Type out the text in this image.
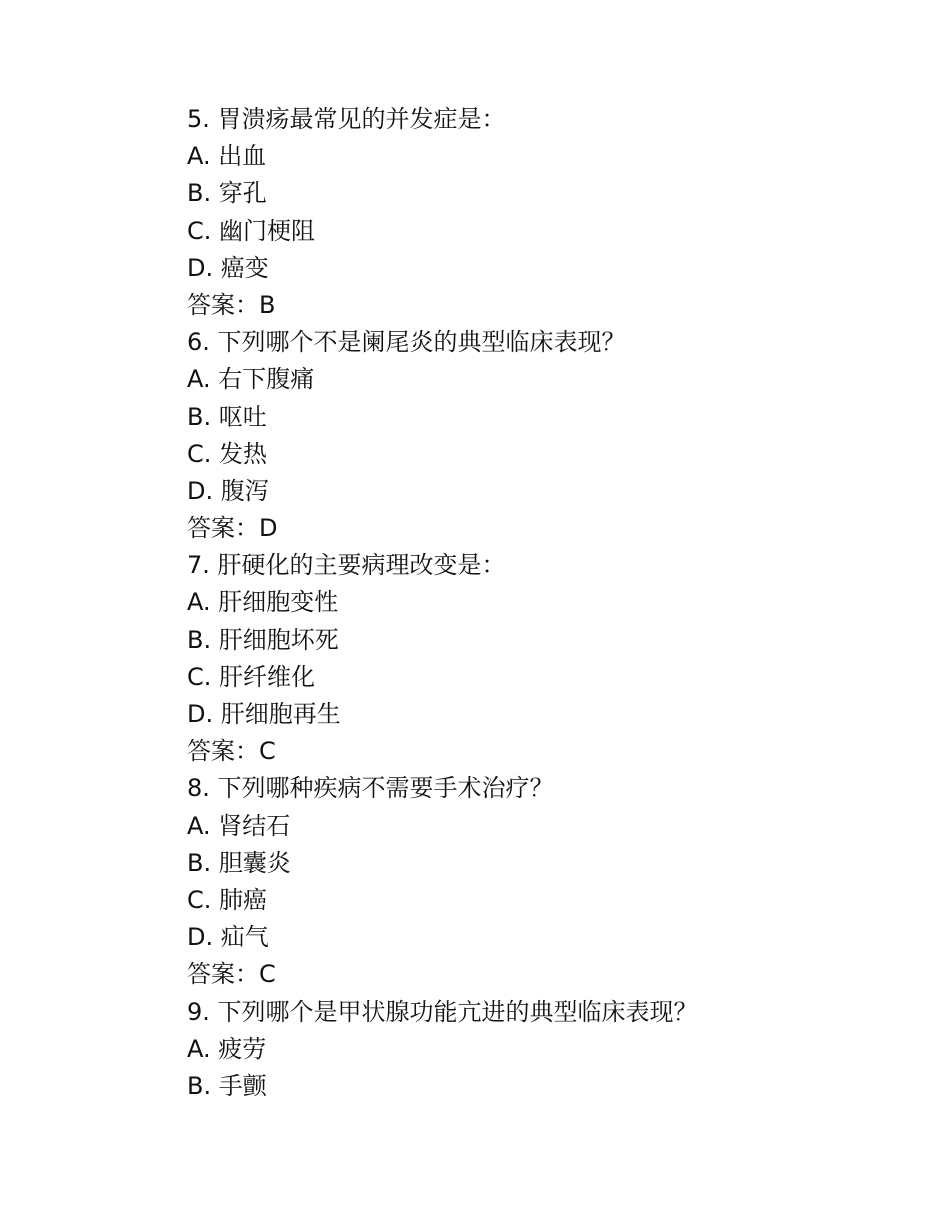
5. 胃溃疡最常见的并发症是：
A. 出血
B. 穿孔
C. 幽门梗阻
D. 癌变
答案：B
6. 下列哪个不是阑尾炎的典型临床表现？
A. 右下腹痛
B. 呕吐
C. 发热
D. 腹泻
答案：D
7. 肝硬化的主要病理改变是：
A. 肝细胞变性
B. 肝细胞坏死
C. 肝纤维化
D. 肝细胞再生
答案：C
8. 下列哪种疾病不需要手术治疗？
A. 肾结石
B. 胆囊炎
C. 肺癌
D. 疝气
答案：C
9. 下列哪个是甲状腺功能亢进的典型临床表现？
A. 疲劳
B. 手颤
